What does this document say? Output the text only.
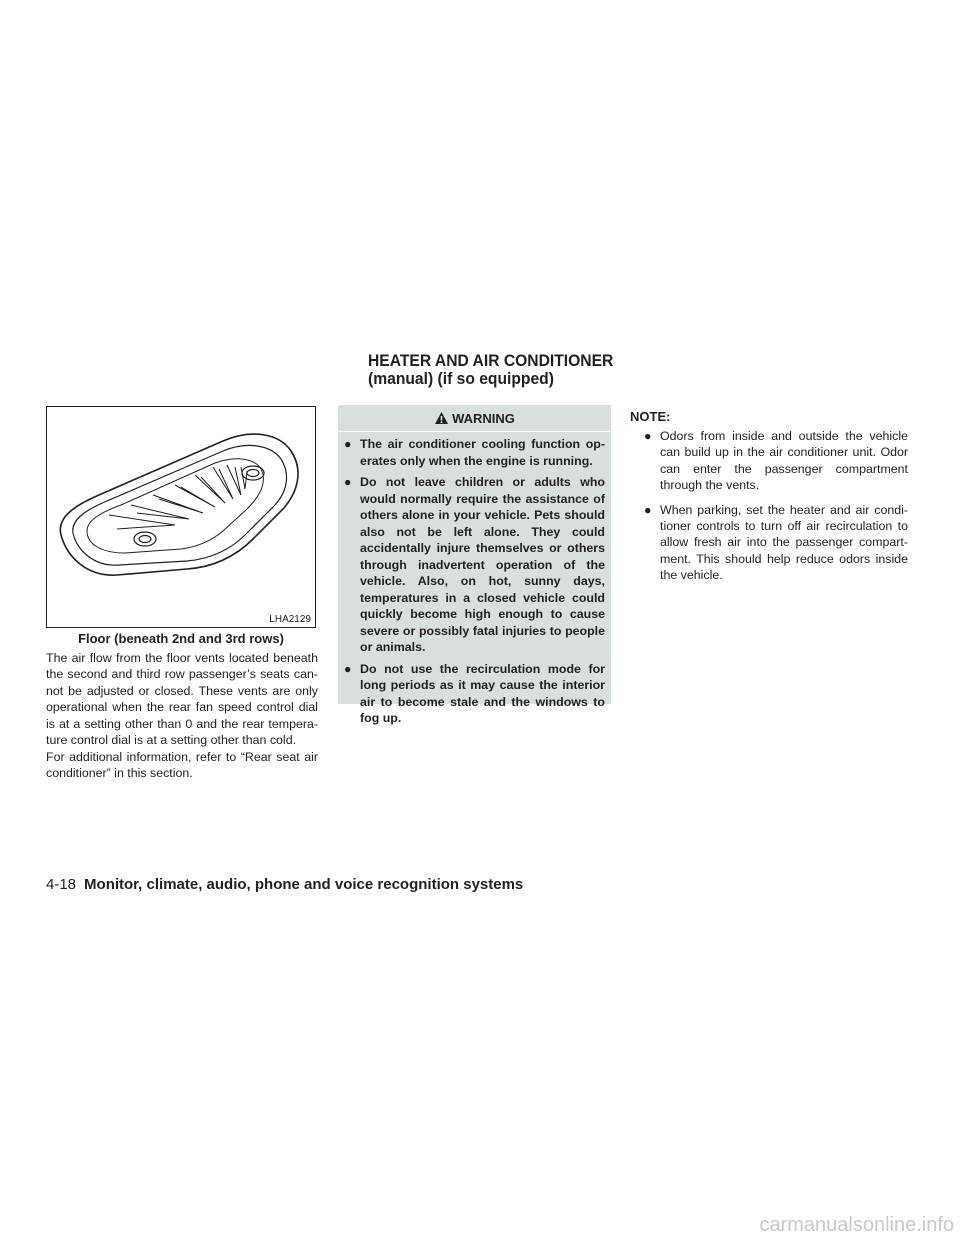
HEATER AND AIR CONDITIONER
(manual) (if so equipped)
LHA2129

Floor (beneath 2nd and 3rd rows)

The air flow from the floor vents located beneath the second and third row passenger’s seats can-not be adjusted or closed. These vents are only operational when the rear fan speed control dial is at a setting other than 0 and the rear tempera-ture control dial is at a setting other than cold.

For additional information, refer to “Rear seat air conditioner” in this section.

WARNING
● The air conditioner cooling function op-erates only when the engine is running.
● Do not leave children or adults who would normally require the assistance of others alone in your vehicle. Pets should also not be left alone. They could accidentally injure themselves or others through inadvertent operation of the vehicle. Also, on hot, sunny days, temperatures in a closed vehicle could quickly become high enough to cause severe or possibly fatal injuries to people or animals.
● Do not use the recirculation mode for long periods as it may cause the interior air to become stale and the windows to fog up.

NOTE:

● Odors from inside and outside the vehicle can build up in the air conditioner unit. Odor can enter the passenger compartment through the vents.
● When parking, set the heater and air condi-tioner controls to turn off air recirculation to allow fresh air into the passenger compart-ment. This should help reduce odors inside the vehicle.

4-18 Monitor, climate, audio, phone and voice recognition systems

carmanualsonline.info
